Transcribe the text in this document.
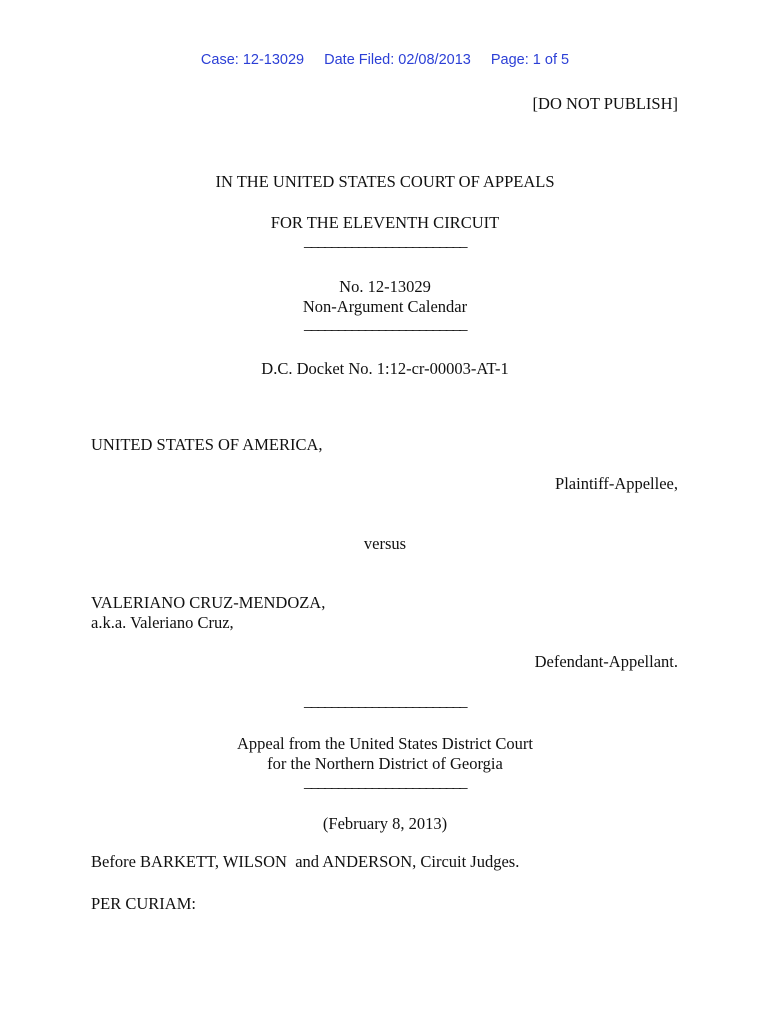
Case: 12-13029 Date Filed: 02/08/2013 Page: 1 of 5
[DO NOT PUBLISH]
IN THE UNITED STATES COURT OF APPEALS
FOR THE ELEVENTH CIRCUIT
________________________
No. 12-13029
Non-Argument Calendar
________________________
D.C. Docket No. 1:12-cr-00003-AT-1
UNITED STATES OF AMERICA,
Plaintiff-Appellee,
versus
VALERIANO CRUZ-MENDOZA,
a.k.a. Valeriano Cruz,
Defendant-Appellant.
________________________
Appeal from the United States District Court
for the Northern District of Georgia
________________________
(February 8, 2013)
Before BARKETT, WILSON  and ANDERSON, Circuit Judges.
PER CURIAM:
